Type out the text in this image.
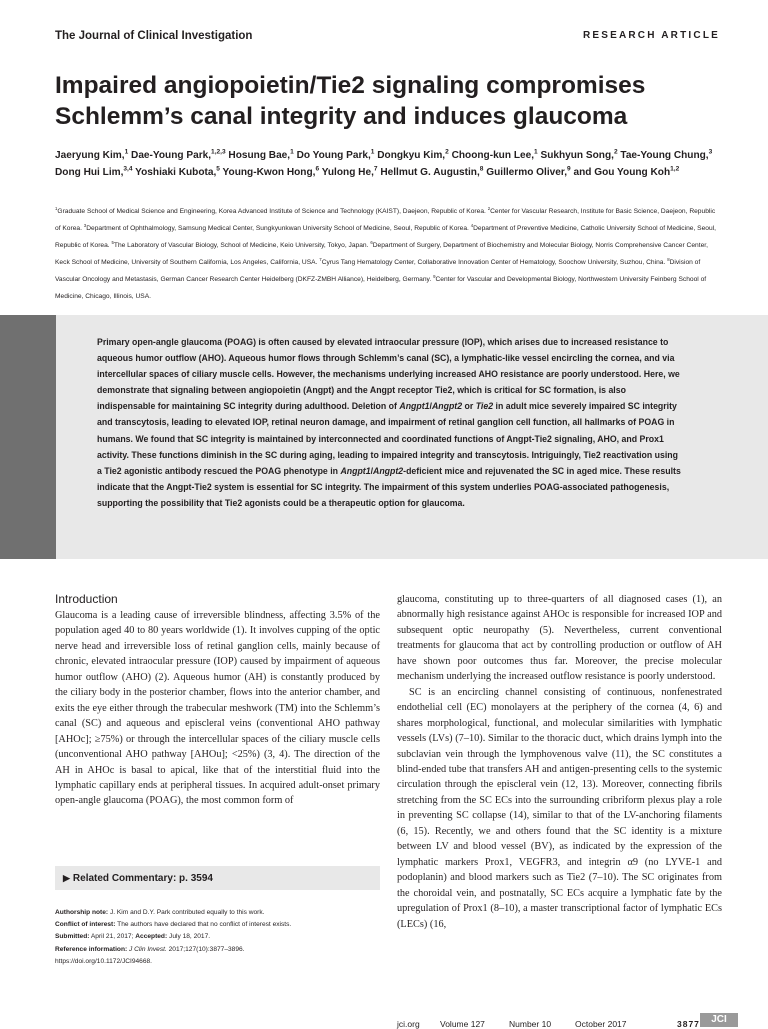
The Journal of Clinical Investigation	RESEARCH ARTICLE
Impaired angiopoietin/Tie2 signaling compromises Schlemm’s canal integrity and induces glaucoma
Jaeryung Kim,$^1$ Dae-Young Park,$^{1,2,3}$ Hosung Bae,$^1$ Do Young Park,$^1$ Dongkyu Kim,$^2$ Choong-kun Lee,$^1$ Sukhyun Song,$^2$ Tae-Young Chung,$^3$ Dong Hui Lim,$^{3,4}$ Yoshiaki Kubota,$^5$ Young-Kwon Hong,$^6$ Yulong He,$^7$ Hellmut G. Augustin,$^8$ Guillermo Oliver,$^9$ and Gou Young Koh$^{1,2}$
$^1$Graduate School of Medical Science and Engineering, Korea Advanced Institute of Science and Technology (KAIST), Daejeon, Republic of Korea. $^2$Center for Vascular Research, Institute for Basic Science, Daejeon, Republic of Korea. $^3$Department of Ophthalmology, Samsung Medical Center, Sungkyunkwan University School of Medicine, Seoul, Republic of Korea. $^4$Department of Preventive Medicine, Catholic University School of Medicine, Seoul, Republic of Korea. $^5$The Laboratory of Vascular Biology, School of Medicine, Keio University, Tokyo, Japan. $^6$Department of Surgery, Department of Biochemistry and Molecular Biology, Norris Comprehensive Cancer Center, Keck School of Medicine, University of Southern California, Los Angeles, California, USA. $^7$Cyrus Tang Hematology Center, Collaborative Innovation Center of Hematology, Soochow University, Suzhou, China. $^8$Division of Vascular Oncology and Metastasis, German Cancer Research Center Heidelberg (DKFZ-ZMBH Alliance), Heidelberg, Germany. $^9$Center for Vascular and Developmental Biology, Northwestern University Feinberg School of Medicine, Chicago, Illinois, USA.
Primary open-angle glaucoma (POAG) is often caused by elevated intraocular pressure (IOP), which arises due to increased resistance to aqueous humor outflow (AHO). Aqueous humor flows through Schlemm’s canal (SC), a lymphatic-like vessel encircling the cornea, and via intercellular spaces of ciliary muscle cells. However, the mechanisms underlying increased AHO resistance are poorly understood. Here, we demonstrate that signaling between angiopoietin (Angpt) and the Angpt receptor Tie2, which is critical for SC formation, is also indispensable for maintaining SC integrity during adulthood. Deletion of Angpt1/Angpt2 or Tie2 in adult mice severely impaired SC integrity and transcytosis, leading to elevated IOP, retinal neuron damage, and impairment of retinal ganglion cell function, all hallmarks of POAG in humans. We found that SC integrity is maintained by interconnected and coordinated functions of Angpt-Tie2 signaling, AHO, and Prox1 activity. These functions diminish in the SC during aging, leading to impaired integrity and transcytosis. Intriguingly, Tie2 reactivation using a Tie2 agonistic antibody rescued the POAG phenotype in Angpt1/Angpt2-deficient mice and rejuvenated the SC in aged mice. These results indicate that the Angpt-Tie2 system is essential for SC integrity. The impairment of this system underlies POAG-associated pathogenesis, supporting the possibility that Tie2 agonists could be a therapeutic option for glaucoma.
Introduction

Glaucoma is a leading cause of irreversible blindness, affecting 3.5% of the population aged 40 to 80 years worldwide (1). It involves cupping of the optic nerve head and irreversible loss of retinal ganglion cells, mainly because of chronic, elevated intraocular pressure (IOP) caused by impairment of aqueous humor outflow (AHO) (2). Aqueous humor (AH) is constantly produced by the ciliary body in the posterior chamber, flows into the anterior chamber, and exits the eye either through the trabecular meshwork (TM) into the Schlemm’s canal (SC) and aqueous and episcleral veins (conventional AHO pathway [AHOc]; ≥75%) or through the intercellular spaces of the ciliary muscle cells (unconventional AHO pathway [AHOu]; <25%) (3, 4). The direction of the AH in AHOc is basal to apical, like that of the interstitial fluid into the lymphatic capillary ends at peripheral tissues. In acquired adult-onset primary open-angle glaucoma (POAG), the most common form of

▶ Related Commentary: p. 3594
Authorship note: J. Kim and D.Y. Park contributed equally to this work.
Conflict of interest: The authors have declared that no conflict of interest exists.
Submitted: April 21, 2017; Accepted: July 18, 2017.
Reference information: J Clin Invest. 2017;127(10):3877–3896.
https://doi.org/10.1172/JCI94668.

glaucoma, constituting up to three-quarters of all diagnosed cases (1), an abnormally high resistance against AHOc is responsible for increased IOP and subsequent optic neuropathy (5). Nevertheless, current conventional treatments for glaucoma that act by controlling production or outflow of AH have shown poor outcomes thus far. Moreover, the precise molecular mechanism underlying the increased outflow resistance is poorly understood.

SC is an encircling channel consisting of continuous, nonfenestrated endothelial cell (EC) monolayers at the periphery of the cornea (4, 6) and shares morphological, functional, and molecular similarities with lymphatic vessels (LVs) (7–10). Similar to the thoracic duct, which drains lymph into the subclavian vein through the lymphovenous valve (11), the SC constitutes a blind-ended tube that transfers AH and antigen-presenting cells to the systemic circulation through the episcleral vein (12, 13). Moreover, connecting fibrils stretching from the SC ECs into the surrounding cribriform plexus play a role in preventing SC collapse (14), similar to that of the LV-anchoring filaments (6, 15). Recently, we and others found that the SC identity is a mixture between LV and blood vessel (BV), as indicated by the expression of the lymphatic markers Prox1, VEGFR3, and integrin α9 (no LYVE-1 and podoplanin) and blood markers such as Tie2 (7–10). The SC originates from the choroidal vein, and postnatally, SC ECs acquire a lymphatic fate by the upregulation of Prox1 (8–10), a master transcriptional factor of lymphatic ECs (LECs) (16,

jci.org Volume 127	Number 10	October 2017	3877	JCI
